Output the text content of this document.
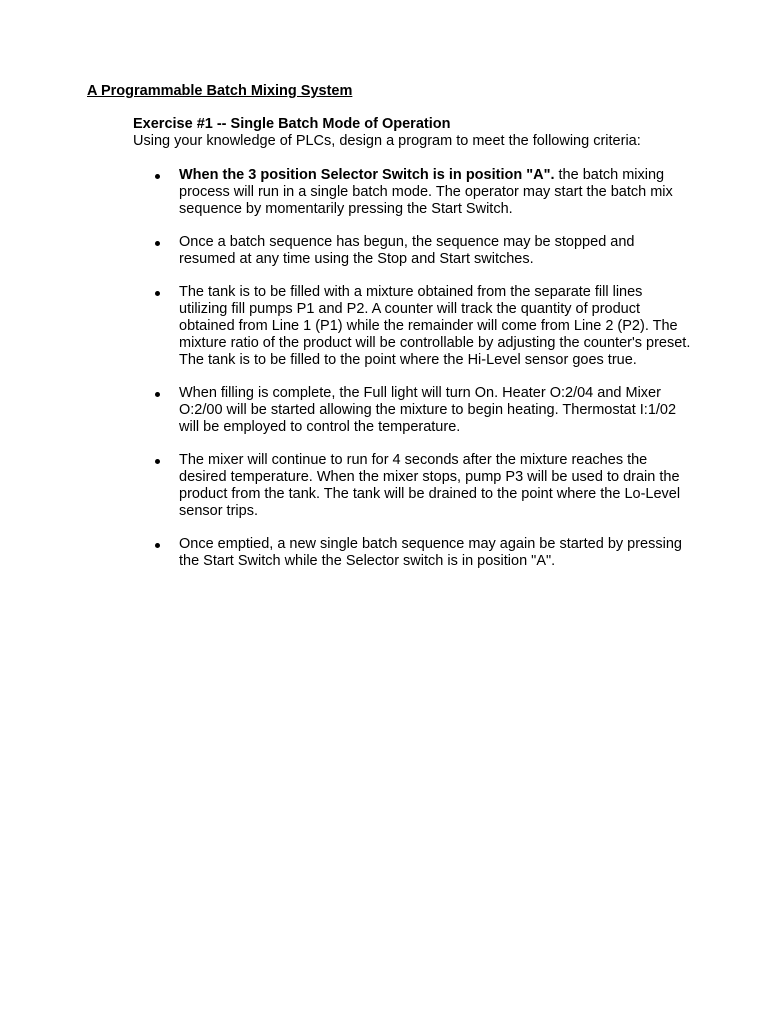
A Programmable Batch Mixing System
Exercise #1 -- Single Batch Mode of Operation
Using your knowledge of PLCs, design a program to meet the following criteria:
When the 3 position Selector Switch is in position "A". the batch mixing process will run in a single batch mode. The operator may start the batch mix sequence by momentarily pressing the Start Switch.
Once a batch sequence has begun, the sequence may be stopped and resumed at any time using the Stop and Start switches.
The tank is to be filled with a mixture obtained from the separate fill lines utilizing fill pumps P1 and P2. A counter will track the quantity of product obtained from Line 1 (P1) while the remainder will come from Line 2 (P2). The mixture ratio of the product will be controllable by adjusting the counter's preset. The tank is to be filled to the point where the Hi-Level sensor goes true.
When filling is complete, the Full light will turn On. Heater O:2/04 and Mixer O:2/00 will be started allowing the mixture to begin heating. Thermostat I:1/02 will be employed to control the temperature.
The mixer will continue to run for 4 seconds after the mixture reaches the desired temperature. When the mixer stops, pump P3 will be used to drain the product from the tank. The tank will be drained to the point where the Lo-Level sensor trips.
Once emptied, a new single batch sequence may again be started by pressing the Start Switch while the Selector switch is in position "A".
